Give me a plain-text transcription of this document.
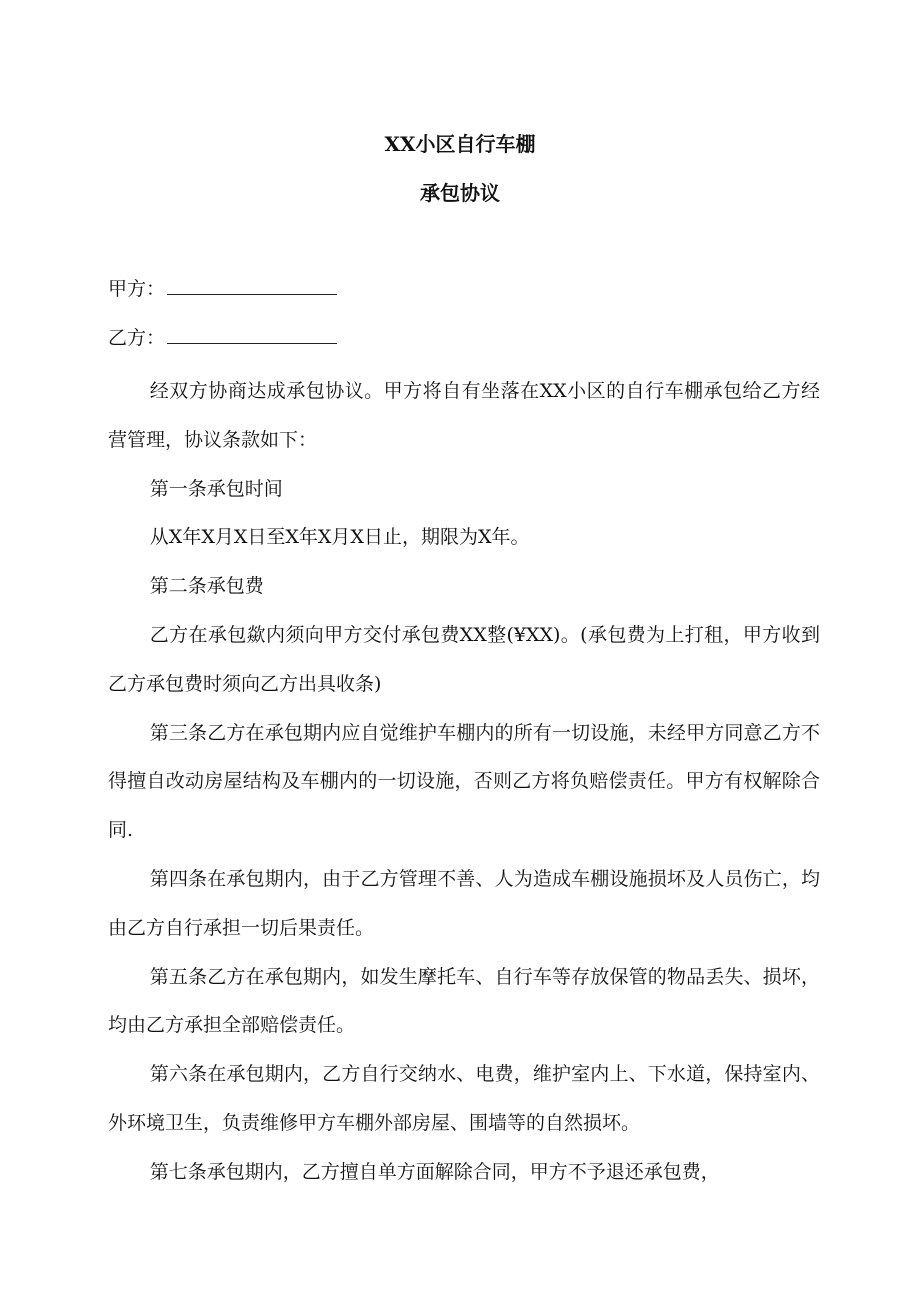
XX小区自行车棚
承包协议
甲方：
乙方：

经双方协商达成承包协议。甲方将自有坐落在XX小区的自行车棚承包给乙方经营管理，协议条款如下：

第一条承包时间

从X年X月X日至X年X月X日止，期限为X年。

第二条承包费

乙方在承包歘内须向甲方交付承包费XX整(¥XX)。(承包费为上打租，甲方收到乙方承包费时须向乙方出具收条)

第三条乙方在承包期内应自觉维护车棚内的所有一切设施，未经甲方同意乙方不得擅自改动房屋结构及车棚内的一切设施，否则乙方将负赔偿责任。甲方有权解除合同.

第四条在承包期内，由于乙方管理不善、人为造成车棚设施损坏及人员伤亡，均由乙方自行承担一切后果责任。

第五条乙方在承包期内，如发生摩托车、自行车等存放保管的物品丢失、损坏，均由乙方承担全部赔偿责任。

第六条在承包期内，乙方自行交纳水、电费，维护室内上、下水道，保持室内、外环境卫生，负责维修甲方车棚外部房屋、围墙等的自然损坏。

第七条承包期内，乙方擅自单方面解除合同，甲方不予退还承包费，
